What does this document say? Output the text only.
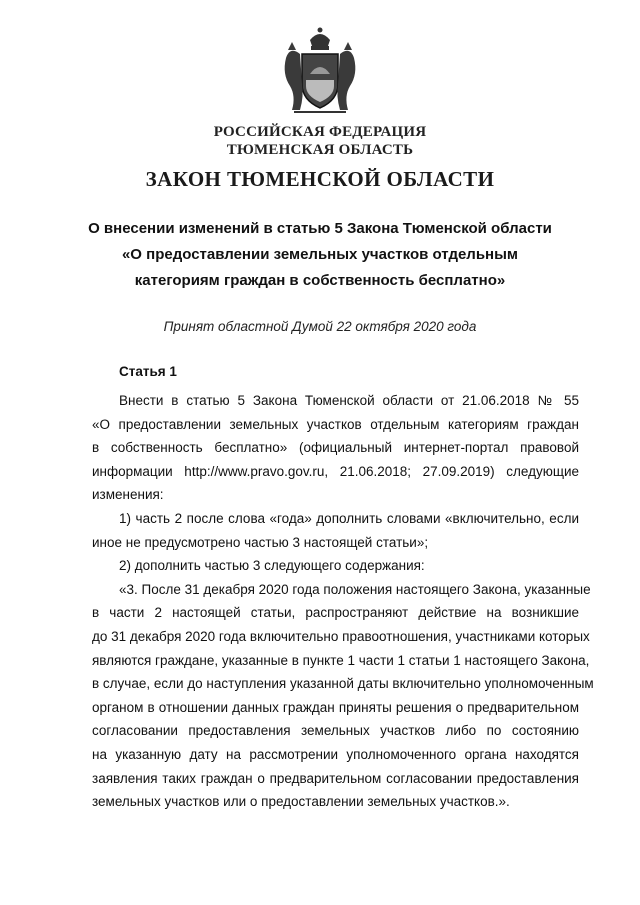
РОССИЙСКАЯ ФЕДЕРАЦИЯ
ТЮМЕНСКАЯ ОБЛАСТЬ
ЗАКОН ТЮМЕНСКОЙ ОБЛАСТИ
О внесении изменений в статью 5 Закона Тюменской области
«О предоставлении земельных участков отдельным
категориям граждан в собственность бесплатно»
Принят областной Думой 22 октября 2020 года
Статья 1
Внести в статью 5 Закона Тюменской области от 21.06.2018 № 55
«О предоставлении земельных участков отдельным категориям граждан
в собственность бесплатно» (официальный интернет-портал правовой
информации http://www.pravo.gov.ru, 21.06.2018; 27.09.2019) следующие
изменения:
1) часть 2 после слова «года» дополнить словами «включительно, если
иное не предусмотрено частью 3 настоящей статьи»;
2) дополнить частью 3 следующего содержания:
«3. После 31 декабря 2020 года положения настоящего Закона, указанные
в части 2 настоящей статьи, распространяют действие на возникшие
до 31 декабря 2020 года включительно правоотношения, участниками которых
являются граждане, указанные в пункте 1 части 1 статьи 1 настоящего Закона,
в случае, если до наступления указанной даты включительно уполномоченным
органом в отношении данных граждан приняты решения о предварительном
согласовании предоставления земельных участков либо по состоянию
на указанную дату на рассмотрении уполномоченного органа находятся
заявления таких граждан о предварительном согласовании предоставления
земельных участков или о предоставлении земельных участков.».
